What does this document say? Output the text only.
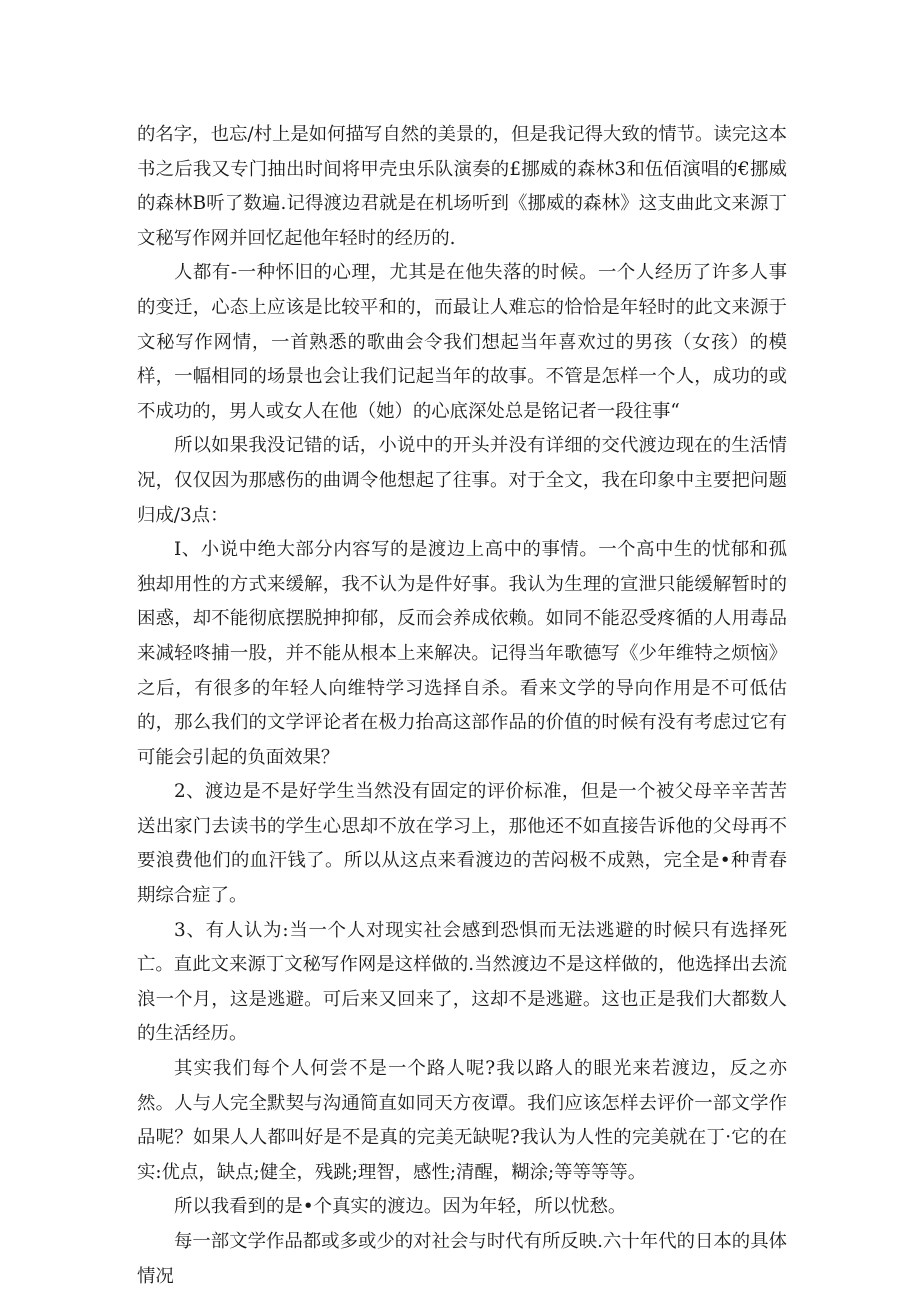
的名字，也忘/村上是如何描写自然的美景的，但是我记得大致的情节。读完这本书之后我又专门抽出时间将甲壳虫乐队演奏的£挪威的森林3和伍佰演唱的€挪威的森林B听了数遍.记得渡边君就是在机场听到《挪威的森林》这支曲此文来源丁文秘写作网并回忆起他年轻时的经历的.

人都有-一种怀旧的心理，尤其是在他失落的时候。一个人经历了许多人事的变迁，心态上应该是比较平和的，而最让人难忘的恰恰是年轻时的此文来源于文秘写作网情，一首熟悉的歌曲会令我们想起当年喜欢过的男孩（女孩）的模样，一幅相同的场景也会让我们记起当年的故事。不管是怎样一个人，成功的或不成功的，男人或女人在他（她）的心底深处总是铭记者一段往事“

所以如果我没记错的话，小说中的开头并没有详细的交代渡边现在的生活情况，仅仅因为那感伤的曲调令他想起了往事。对于全文，我在印象中主要把问题归成/3点：

I、小说中绝大部分内容写的是渡边上高中的事情。一个高中生的忧郁和孤独却用性的方式来缓解，我不认为是件好事。我认为生理的宣泄只能缓解暂时的困惑，却不能彻底摆脱抻抑郁，反而会养成依赖。如同不能忍受疼循的人用毒品来减轻咚捕一股，并不能从根本上来解决。记得当年歌德写《少年维特之烦恼》之后，有很多的年轻人向维特学习选择自杀。看来文学的导向作用是不可低估的，那么我们的文学评论者在极力抬高这部作品的价值的时候有没有考虑过它有可能会引起的负面效果？

2、渡边是不是好学生当然没有固定的评价标准，但是一个被父母辛辛苦苦送出家门去读书的学生心思却不放在学习上，那他还不如直接告诉他的父母再不要浪费他们的血汗钱了。所以从这点来看渡边的苦闷极不成熟，完全是•种青春期综合症了。

3、有人认为:当一个人对现实社会感到恐惧而无法逃避的时候只有选择死亡。直此文来源丁文秘写作网是这样做的.当然渡边不是这样做的，他选择出去流浪一个月，这是逃避。可后来又回来了，这却不是逃避。这也正是我们大都数人的生活经历。

其实我们每个人何尝不是一个路人呢?我以路人的眼光来若渡边，反之亦然。人与人完全默契与沟通简直如同天方夜谭。我们应该怎样去评价一部文学作品呢？如果人人都叫好是不是真的完美无缺呢?我认为人性的完美就在丁·它的在实:优点，缺点;健全，残跳;理智，感性;清醒，糊涂;等等等等。

所以我看到的是•个真实的渡边。因为年轻，所以忧愁。

每一部文学作品都或多或少的对社会与时代有所反映.六十年代的日本的具体情况
